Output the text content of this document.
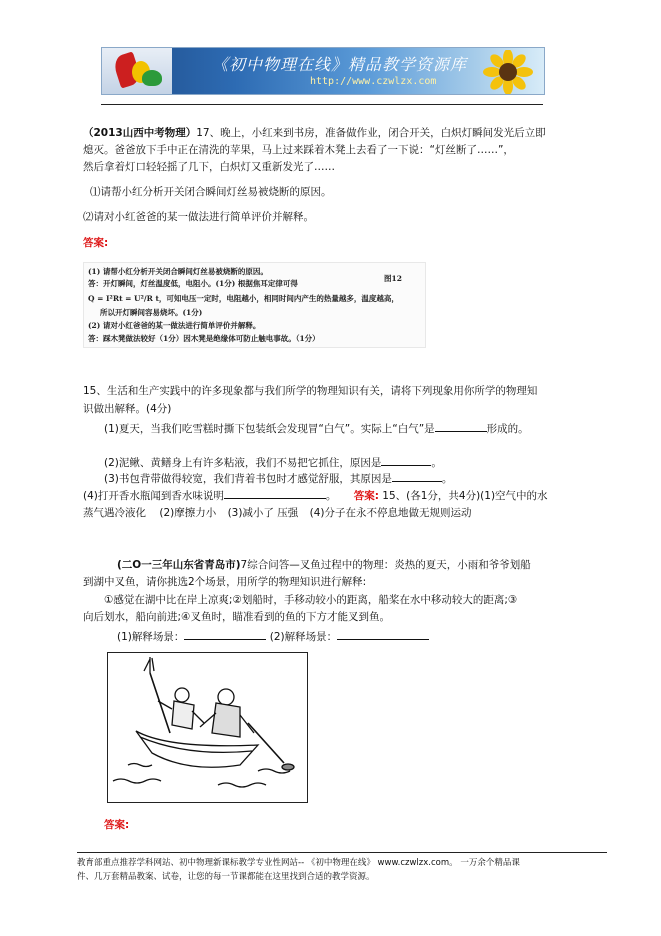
《初中物理在线》精品教学资源库
http://www.czwlzx.com
（2013山西中考物理）17、晚上，小红来到书房，准备做作业，闭合开关，白炽灯瞬间发光后立即
熄灭。爸爸放下手中正在清洗的苹果，马上过来踩着木凳上去看了一下说：“灯丝断了……”，
然后拿着灯口轻轻摇了几下，白炽灯又重新发光了……
⑴请帮小红分析开关闭合瞬间灯丝易被烧断的原因。
⑵请对小红爸爸的某一做法进行简单评价并解释。
答案:
(1) 请帮小红分析开关闭合瞬间灯丝易被烧断的原因。
答：开灯瞬间，灯丝温度低，电阻小。(1分) 根据焦耳定律可得
图12
Q = I²Rt = U²/R t，可知电压一定时，电阻越小，相同时间内产生的热量越多，温度越高，
所以开灯瞬间容易烧坏。(1分)
(2) 请对小红爸爸的某一做法进行简单评价并解释。
答：踩木凳做法较好（1分）因木凳是绝缘体可防止触电事故。（1分）
15、生活和生产实践中的许多现象都与我们所学的物理知识有关，请将下列现象用你所学的物理知
识做出解释。(4分)
(1)夏天，当我们吃雪糕时撕下包装纸会发现冒“白气”。实际上“白气”是	形成的。
(2)泥鳅、黄鳝身上有许多粘液，我们不易把它抓住，原因是	。
(3)书包背带做得较宽，我们背着书包时才感觉舒服，其原因是	。
(4)打开香水瓶闻到香水味说明	。 答案: 15、(各1分，共4分)(1)空气中的水
蒸气遇冷液化 (2)摩擦力小 (3)减小了 压强 (4)分子在永不停息地做无规则运动
(二O一三年山东省青岛市)7综合问答—叉鱼过程中的物理：炎热的夏天，小雨和爷爷划船
到湖中叉鱼，请你挑选2个场景，用所学的物理知识进行解释:
①感觉在湖中比在岸上凉爽;②划船时，手移动较小的距离，船桨在水中移动较大的距离;③
向后划水，船向前进;④叉鱼时，瞄准看到的鱼的下方才能叉到鱼。
(1)解释场景：	(2)解释场景：
答案:
教育部重点推荐学科网站、初中物理新课标教学专业性网站-- 《初中物理在线》 www.czwlzx.com。 一万余个精品课
件、几万套精品教案、试卷，让您的每一节课都能在这里找到合适的教学资源。
